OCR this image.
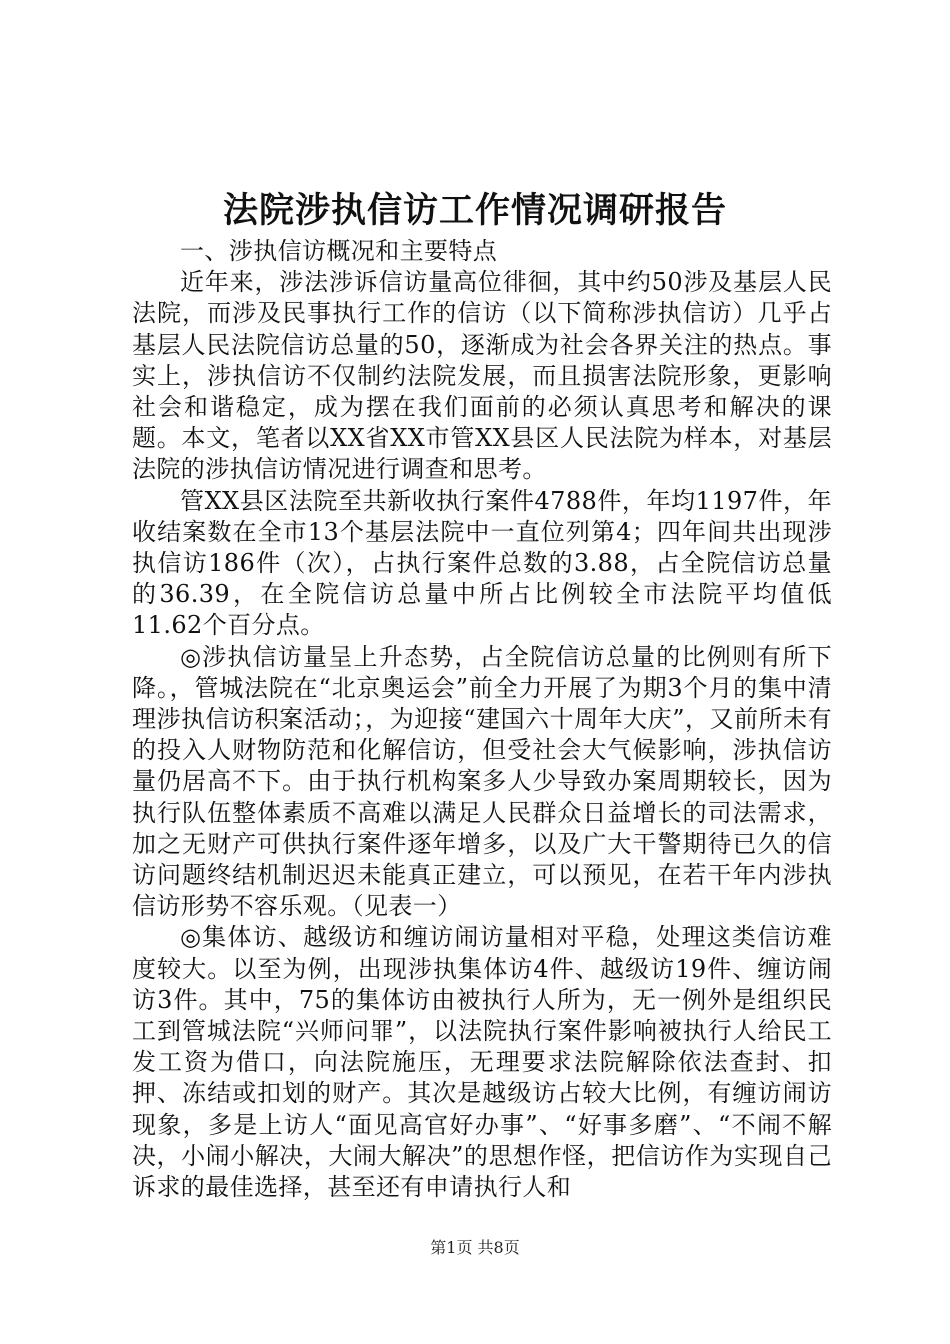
法院涉执信访工作情况调研报告

一、涉执信访概况和主要特点

近年来，涉法涉诉信访量高位徘徊，其中约50涉及基层人民法院，而涉及民事执行工作的信访（以下简称涉执信访）几乎占基层人民法院信访总量的50，逐渐成为社会各界关注的热点。事实上，涉执信访不仅制约法院发展，而且损害法院形象，更影响社会和谐稳定，成为摆在我们面前的必须认真思考和解决的课题。本文，笔者以XX省XX市管XX县区人民法院为样本，对基层法院的涉执信访情况进行调查和思考。

管XX县区法院至共新收执行案件4788件，年均1197件，年收结案数在全市13个基层法院中一直位列第4；四年间共出现涉执信访186件（次），占执行案件总数的3.88，占全院信访总量的36.39，在全院信访总量中所占比例较全市法院平均值低11.62个百分点。

◎涉执信访量呈上升态势，占全院信访总量的比例则有所下降。，管城法院在“北京奥运会”前全力开展了为期3个月的集中清理涉执信访积案活动；，为迎接“建国六十周年大庆”，又前所未有的投入人财物防范和化解信访，但受社会大气候影响，涉执信访量仍居高不下。由于执行机构案多人少导致办案周期较长，因为执行队伍整体素质不高难以满足人民群众日益增长的司法需求，加之无财产可供执行案件逐年增多，以及广大干警期待已久的信访问题终结机制迟迟未能真正建立，可以预见，在若干年内涉执信访形势不容乐观。（见表一）

◎集体访、越级访和缠访闹访量相对平稳，处理这类信访难度较大。以至为例，出现涉执集体访4件、越级访19件、缠访闹访3件。其中，75的集体访由被执行人所为，无一例外是组织民工到管城法院“兴师问罪”，以法院执行案件影响被执行人给民工发工资为借口，向法院施压，无理要求法院解除依法查封、扣押、冻结或扣划的财产。其次是越级访占较大比例，有缠访闹访现象，多是上访人“面见高官好办事”、“好事多磨”、“不闹不解决，小闹小解决，大闹大解决”的思想作怪，把信访作为实现自己诉求的最佳选择，甚至还有申请执行人和

第1页 共8页
